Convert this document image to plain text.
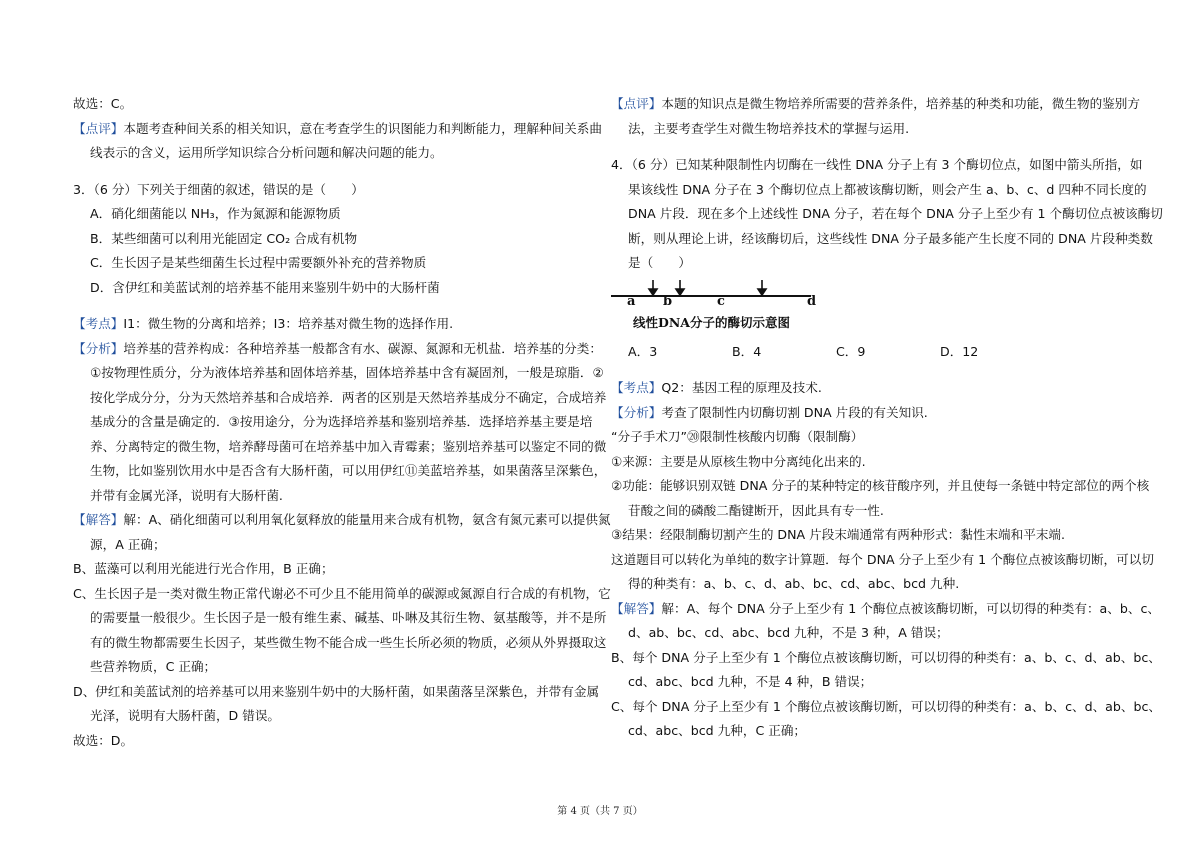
故选：C。
【点评】本题考查种间关系的相关知识，意在考查学生的识图能力和判断能力，理解种间关系曲
线表示的含义，运用所学知识综合分析问题和解决问题的能力。
3．（6 分）下列关于细菌的叙述，错误的是（　　）
A．硝化细菌能以 NH₃，作为氮源和能源物质
B．某些细菌可以利用光能固定 CO₂ 合成有机物
C．生长因子是某些细菌生长过程中需要额外补充的营养物质
D．含伊红和美蓝试剂的培养基不能用来鉴别牛奶中的大肠杆菌
【考点】I1：微生物的分离和培养；I3：培养基对微生物的选择作用.
【分析】培养基的营养构成：各种培养基一般都含有水、碳源、氮源和无机盐．培养基的分类：
①按物理性质分，分为液体培养基和固体培养基，固体培养基中含有凝固剂，一般是琼脂．②
按化学成分分，分为天然培养基和合成培养．两者的区别是天然培养基成分不确定，合成培养
基成分的含量是确定的．③按用途分，分为选择培养基和鉴别培养基．选择培养基主要是培
养、分离特定的微生物，培养酵母菌可在培养基中加入青霉素；鉴别培养基可以鉴定不同的微
生物，比如鉴别饮用水中是否含有大肠杆菌，可以用伊红⑪美蓝培养基，如果菌落呈深紫色，
并带有金属光泽，说明有大肠杆菌.
【解答】解：A、硝化细菌可以利用氧化氨释放的能量用来合成有机物，氨含有氮元素可以提供氮
源，A 正确；
B、蓝藻可以利用光能进行光合作用，B 正确；
C、生长因子是一类对微生物正常代谢必不可少且不能用简单的碳源或氮源自行合成的有机物，它
的需要量一般很少。生长因子是一般有维生素、碱基、卟啉及其衍生物、氨基酸等，并不是所
有的微生物都需要生长因子，某些微生物不能合成一些生长所必须的物质，必须从外界摄取这
些营养物质，C 正确；
D、伊红和美蓝试剂的培养基可以用来鉴别牛奶中的大肠杆菌，如果菌落呈深紫色，并带有金属
光泽，说明有大肠杆菌，D 错误。
故选：D。
【点评】本题的知识点是微生物培养所需要的营养条件，培养基的种类和功能，微生物的鉴别方
法，主要考查学生对微生物培养技术的掌握与运用.
4．（6 分）已知某种限制性内切酶在一线性 DNA 分子上有 3 个酶切位点，如图中箭头所指，如
果该线性 DNA 分子在 3 个酶切位点上都被该酶切断，则会产生 a、b、c、d 四种不同长度的
DNA 片段．现在多个上述线性 DNA 分子，若在每个 DNA 分子上至少有 1 个酶切位点被该酶切
断，则从理论上讲，经该酶切后，这些线性 DNA 分子最多能产生长度不同的 DNA 片段种类数
是（　　）
a b	c	d
线性DNA分子的酶切示意图
A．3	B．4	C．9	D．12
【考点】Q2：基因工程的原理及技术.
【分析】考查了限制性内切酶切割 DNA 片段的有关知识.
“分子手术刀”⑳限制性核酸内切酶（限制酶）
①来源：主要是从原核生物中分离纯化出来的.
②功能：能够识别双链 DNA 分子的某种特定的核苷酸序列，并且使每一条链中特定部位的两个核
苷酸之间的磷酸二酯键断开，因此具有专一性.
③结果：经限制酶切割产生的 DNA 片段末端通常有两种形式：黏性末端和平末端.
这道题目可以转化为单纯的数字计算题．每个 DNA 分子上至少有 1 个酶位点被该酶切断，可以切
得的种类有：a、b、c、d、ab、bc、cd、abc、bcd 九种.
【解答】解：A、每个 DNA 分子上至少有 1 个酶位点被该酶切断，可以切得的种类有：a、b、c、
d、ab、bc、cd、abc、bcd 九种，不是 3 种，A 错误；
B、每个 DNA 分子上至少有 1 个酶位点被该酶切断，可以切得的种类有：a、b、c、d、ab、bc、
cd、abc、bcd 九种，不是 4 种，B 错误；
C、每个 DNA 分子上至少有 1 个酶位点被该酶切断，可以切得的种类有：a、b、c、d、ab、bc、
cd、abc、bcd 九种，C 正确；
第 4 页（共 7 页）
